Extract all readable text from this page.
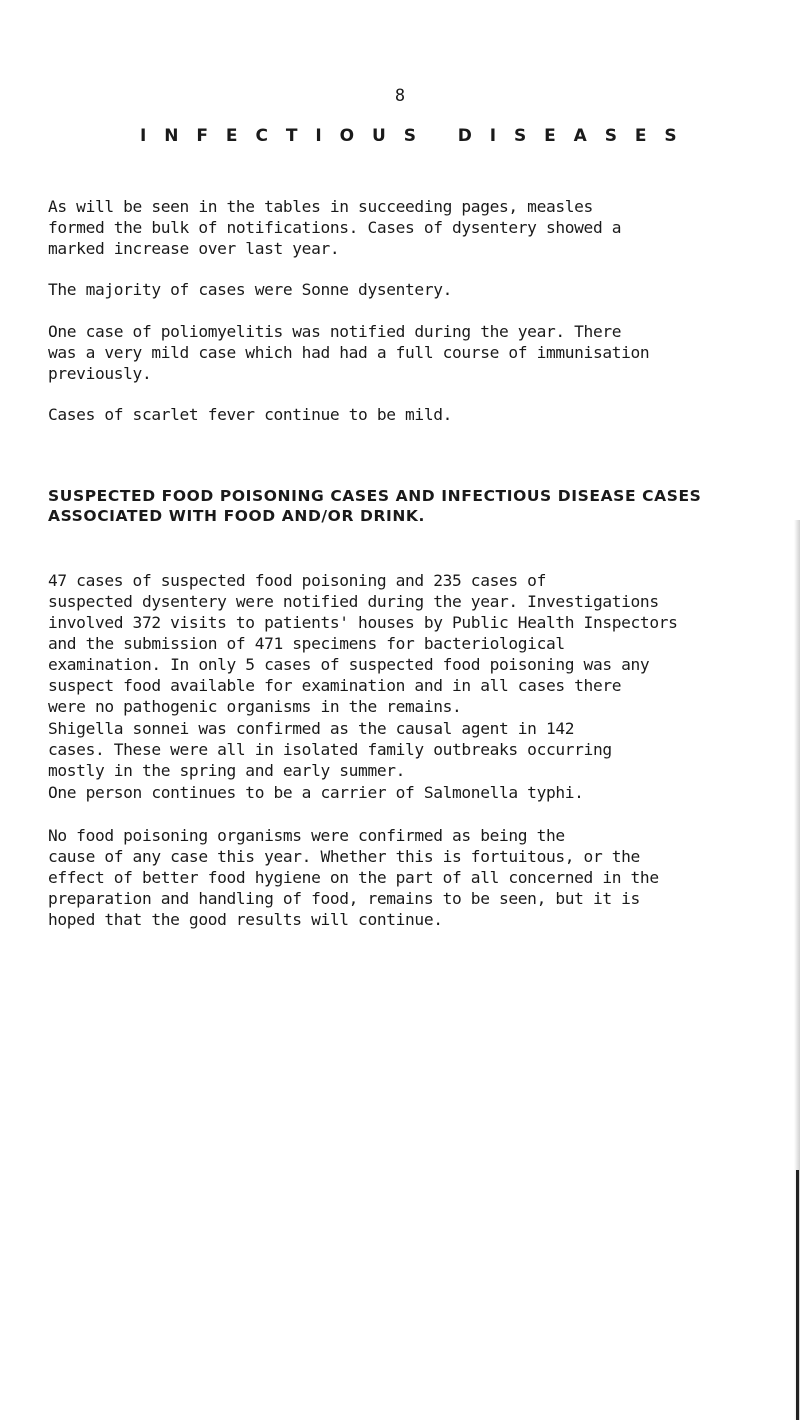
8
I N F E C T I O U S   D I S E A S E S

As will be seen in the tables in succeeding pages, measles
formed the bulk of notifications. Cases of dysentery showed a
marked increase over last year.

The majority of cases were Sonne dysentery.

One case of poliomyelitis was notified during the year. There
was a very mild case which had had a full course of immunisation
previously.

Cases of scarlet fever continue to be mild.

SUSPECTED FOOD POISONING CASES AND INFECTIOUS DISEASE CASES
ASSOCIATED WITH FOOD AND/OR DRINK.

47 cases of suspected food poisoning and 235 cases of
suspected dysentery were notified during the year. Investigations
involved 372 visits to patients' houses by Public Health Inspectors
and the submission of 471 specimens for bacteriological
examination. In only 5 cases of suspected food poisoning was any
suspect food available for examination and in all cases there
were no pathogenic organisms in the remains.

Shigella sonnei was confirmed as the causal agent in 142
cases. These were all in isolated family outbreaks occurring
mostly in the spring and early summer.

One person continues to be a carrier of Salmonella typhi.

No food poisoning organisms were confirmed as being the
cause of any case this year. Whether this is fortuitous, or the
effect of better food hygiene on the part of all concerned in the
preparation and handling of food, remains to be seen, but it is
hoped that the good results will continue.
